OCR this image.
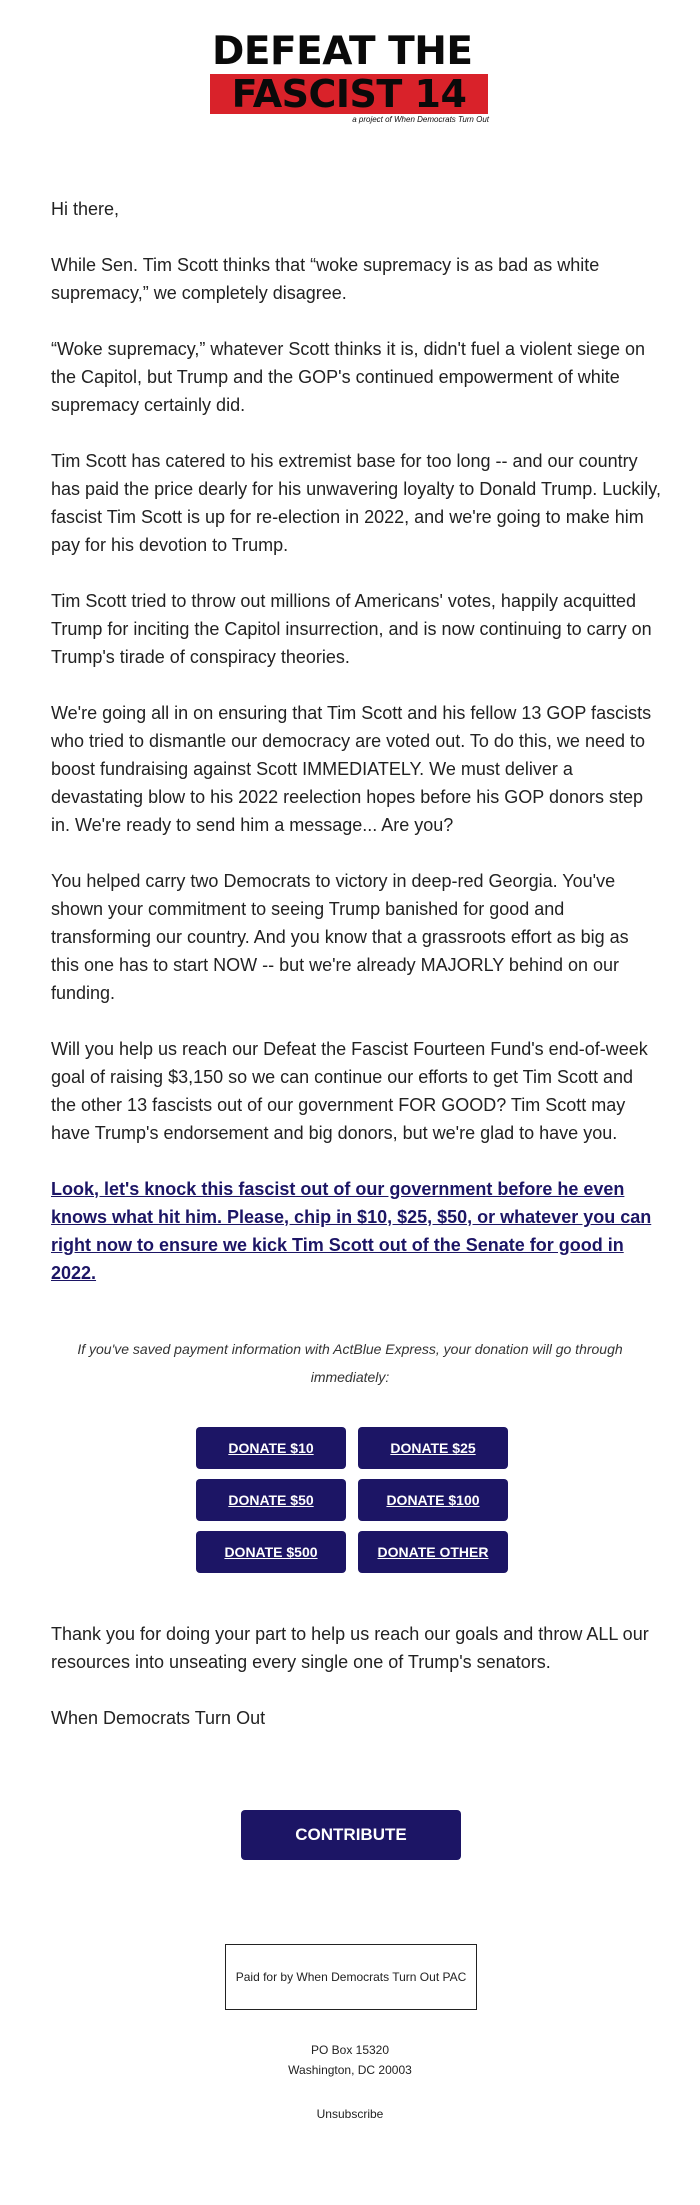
DEFEAT THE
FASCIST 14
a project of When Democrats Turn Out

Hi there,

While Sen. Tim Scott thinks that “woke supremacy is as bad as white supremacy,” we completely disagree.

“Woke supremacy,” whatever Scott thinks it is, didn't fuel a violent siege on the Capitol, but Trump and the GOP's continued empowerment of white supremacy certainly did.

Tim Scott has catered to his extremist base for too long -- and our country has paid the price dearly for his unwavering loyalty to Donald Trump. Luckily, fascist Tim Scott is up for re-election in 2022, and we're going to make him pay for his devotion to Trump.

Tim Scott tried to throw out millions of Americans' votes, happily acquitted Trump for inciting the Capitol insurrection, and is now continuing to carry on Trump's tirade of conspiracy theories.

We're going all in on ensuring that Tim Scott and his fellow 13 GOP fascists who tried to dismantle our democracy are voted out. To do this, we need to boost fundraising against Scott IMMEDIATELY. We must deliver a devastating blow to his 2022 reelection hopes before his GOP donors step in. We're ready to send him a message... Are you?

You helped carry two Democrats to victory in deep-red Georgia. You've shown your commitment to seeing Trump banished for good and transforming our country. And you know that a grassroots effort as big as this one has to start NOW -- but we're already MAJORLY behind on our funding.

Will you help us reach our Defeat the Fascist Fourteen Fund's end-of-week goal of raising $3,150 so we can continue our efforts to get Tim Scott and the other 13 fascists out of our government FOR GOOD? Tim Scott may have Trump's endorsement and big donors, but we're glad to have you.

Look, let's knock this fascist out of our government before he even knows what hit him. Please, chip in $10, $25, $50, or whatever you can right now to ensure we kick Tim Scott out of the Senate for good in 2022.
If you've saved payment information with ActBlue Express, your donation will go through immediately:
DONATE $10	DONATE $25
DONATE $50	DONATE $100
DONATE $500	DONATE OTHER

Thank you for doing your part to help us reach our goals and throw ALL our resources into unseating every single one of Trump's senators.

When Democrats Turn Out

CONTRIBUTE
Paid for by When Democrats Turn Out PAC
PO Box 15320
Washington, DC 20003
Unsubscribe
